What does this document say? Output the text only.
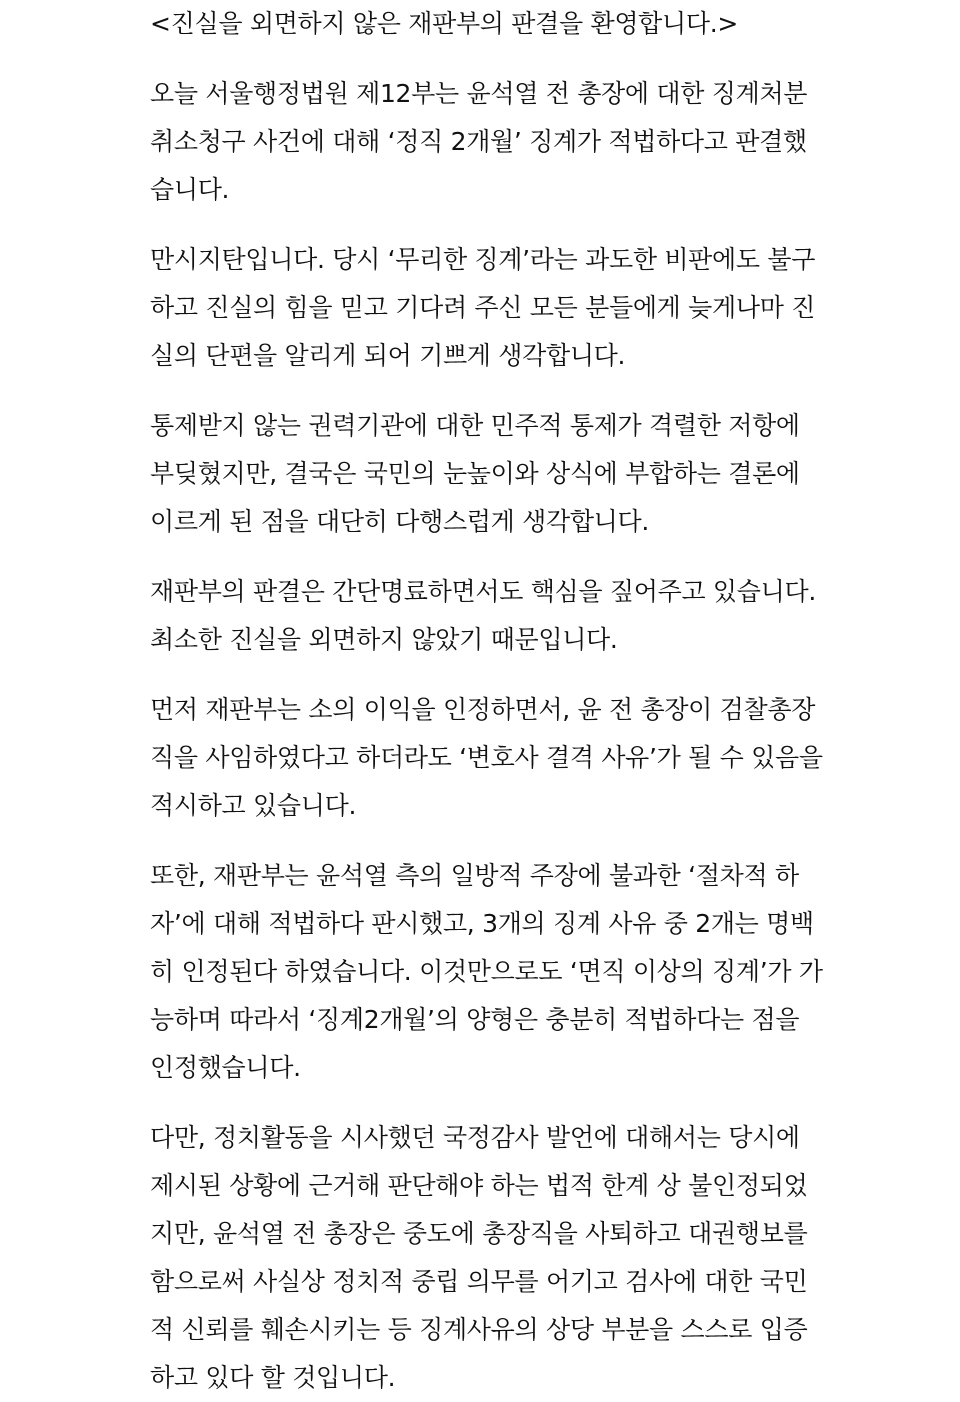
<진실을 외면하지 않은 재판부의 판결을 환영합니다.>
오늘 서울행정법원 제12부는 윤석열 전 총장에 대한 징계처분
취소청구 사건에 대해 ‘정직 2개월’ 징계가 적법하다고 판결했
습니다.
만시지탄입니다. 당시 ‘무리한 징계’라는 과도한 비판에도 불구
하고 진실의 힘을 믿고 기다려 주신 모든 분들에게 늦게나마 진
실의 단편을 알리게 되어 기쁘게 생각합니다.
통제받지 않는 권력기관에 대한 민주적 통제가 격렬한 저항에
부딪혔지만, 결국은 국민의 눈높이와 상식에 부합하는 결론에
이르게 된 점을 대단히 다행스럽게 생각합니다.
재판부의 판결은 간단명료하면서도 핵심을 짚어주고 있습니다.
최소한 진실을 외면하지 않았기 때문입니다.
먼저 재판부는 소의 이익을 인정하면서, 윤 전 총장이 검찰총장
직을 사임하였다고 하더라도 ‘변호사 결격 사유’가 될 수 있음을
적시하고 있습니다.
또한, 재판부는 윤석열 측의 일방적 주장에 불과한 ‘절차적 하
자’에 대해 적법하다 판시했고, 3개의 징계 사유 중 2개는 명백
히 인정된다 하였습니다. 이것만으로도 ‘면직 이상의 징계’가 가
능하며 따라서 ‘징계2개월’의 양형은 충분히 적법하다는 점을
인정했습니다.
다만, 정치활동을 시사했던 국정감사 발언에 대해서는 당시에
제시된 상황에 근거해 판단해야 하는 법적 한계 상 불인정되었
지만, 윤석열 전 총장은 중도에 총장직을 사퇴하고 대권행보를
함으로써 사실상 정치적 중립 의무를 어기고 검사에 대한 국민
적 신뢰를 훼손시키는 등 징계사유의 상당 부분을 스스로 입증
하고 있다 할 것입니다.
